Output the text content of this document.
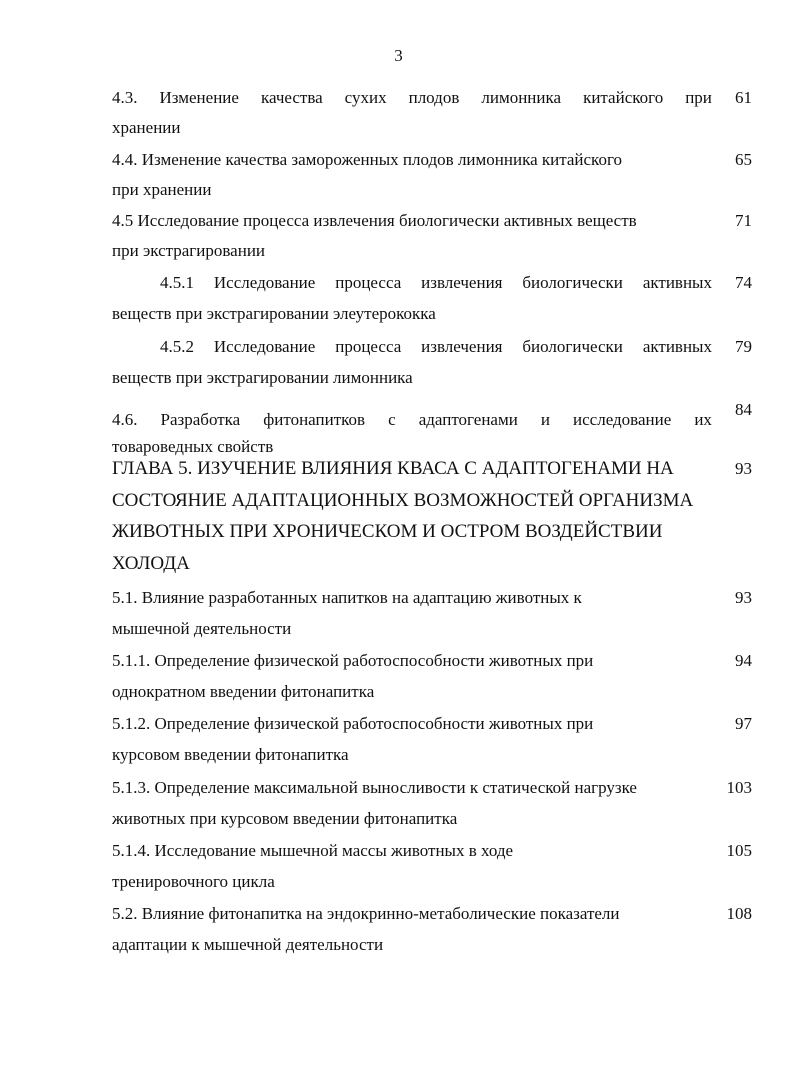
3
4.3. Изменение качества сухих плодов лимонника китайского при
хранении
61
4.4. Изменение качества замороженных плодов лимонника китайского
при хранении
65
4.5 Исследование процесса извлечения биологически активных веществ
при экстрагировании
71
4.5.1 Исследование процесса извлечения биологически активных
веществ при экстрагировании элеутерококка
74
4.5.2 Исследование процесса извлечения биологически активных
веществ при экстрагировании лимонника
79
4.6. Разработка фитонапитков с адаптогенами и исследование их
товароведных свойств
84
ГЛАВА 5. ИЗУЧЕНИЕ ВЛИЯНИЯ КВАСА С АДАПТОГЕНАМИ НА
СОСТОЯНИЕ АДАПТАЦИОННЫХ ВОЗМОЖНОСТЕЙ ОРГАНИЗМА
ЖИВОТНЫХ ПРИ ХРОНИЧЕСКОМ И ОСТРОМ ВОЗДЕЙСТВИИ
ХОЛОДА
93
5.1. Влияние разработанных напитков на адаптацию животных к
мышечной деятельности
93
5.1.1. Определение физической работоспособности животных при
однократном введении фитонапитка
94
5.1.2. Определение физической работоспособности животных при
курсовом введении фитонапитка
97
5.1.3. Определение максимальной выносливости к статической нагрузке
животных при курсовом введении фитонапитка
103
5.1.4. Исследование мышечной массы животных в ходе
тренировочного цикла
105
5.2. Влияние фитонапитка на эндокринно-метаболические показатели
адаптации к мышечной деятельности
108
